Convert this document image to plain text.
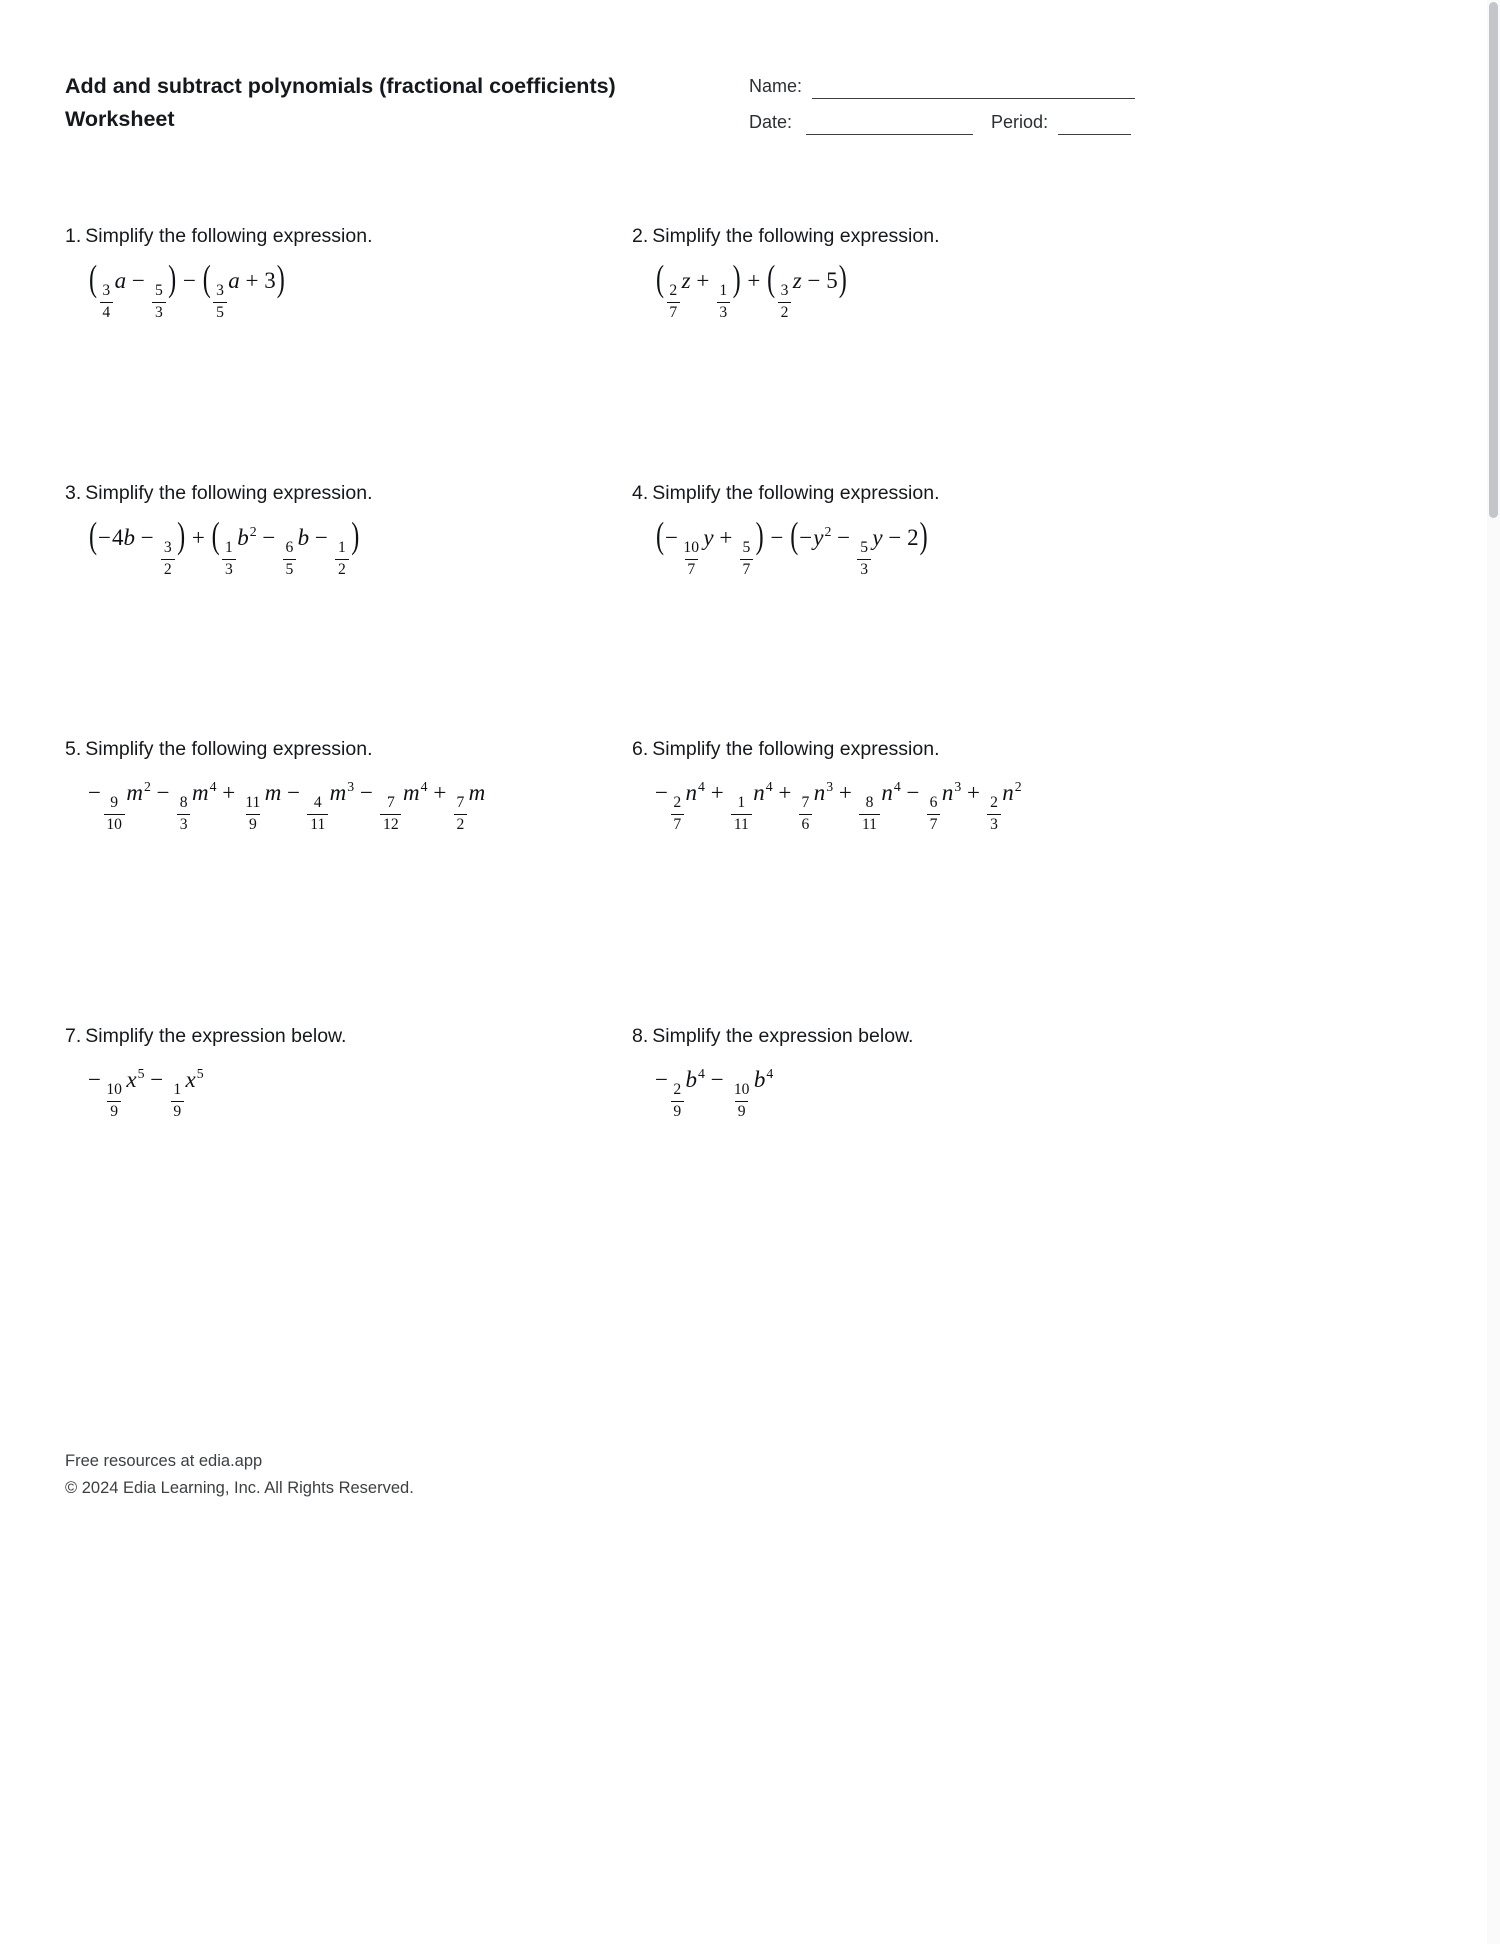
Add and subtract polynomials (fractional coefficients)
Worksheet
Name:
Date:	Period:
1. Simplify the following expression.
(
$\frac{3}{4}$
a −
$\frac{5}{3}$
) − (
$\frac{3}{5}$
a + 3)
2. Simplify the following expression.
(
$\frac{2}{7}$
z +
$\frac{1}{3}$
) + (
$\frac{3}{2}$
z − 5)
3. Simplify the following expression.
(−4b −
$\frac{3}{2}$
) + (
$\frac{1}{3}$
$b^2$ −
$\frac{6}{5}$
b −
$\frac{1}{2}$
)
4. Simplify the following expression.
(−
$\frac{10}{7}$
y +
$\frac{5}{7}$
) − ($-y^2$ −
$\frac{5}{3}$
y − 2)
5. Simplify the following expression.
−
$\frac{9}{10}$
$m^2$ −
$\frac{8}{3}$
$m^4$ +
$\frac{11}{9}$
m −
$\frac{4}{11}$
$m^3$ −
$\frac{7}{12}$
$m^4$ +
$\frac{7}{2}$
m
6. Simplify the following expression.
−
$\frac{2}{7}$
$n^4$ +
$\frac{1}{11}$
$n^4$ +
$\frac{7}{6}$
$n^3$ +
$\frac{8}{11}$
$n^4$ −
$\frac{6}{7}$
$n^3$ +
$\frac{2}{3}$
$n^2$
7. Simplify the expression below.
−
$\frac{10}{9}$
$x^5$ −
$\frac{1}{9}$
$x^5$
8. Simplify the expression below.
−
$\frac{2}{9}$
$b^4$ −
$\frac{10}{9}$
$b^4$
Free resources at edia.app
© 2024 Edia Learning, Inc. All Rights Reserved.
